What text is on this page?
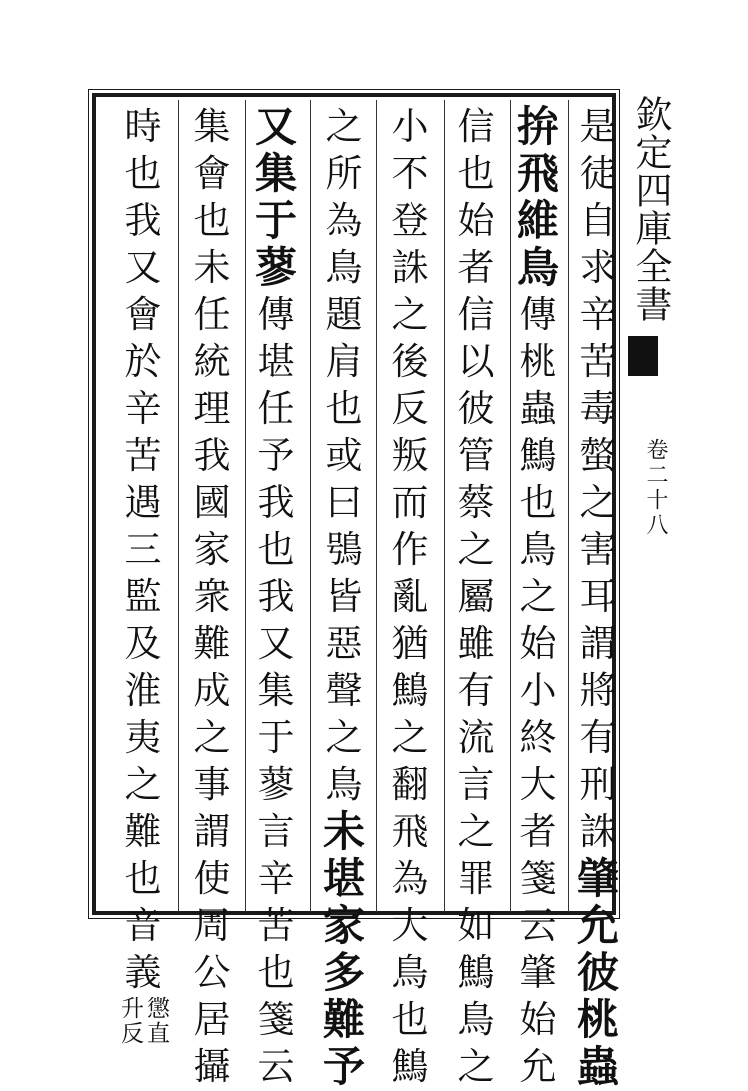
是
徒
自
求
辛
苦
毒
螫
之
害
耳
謂
將
有
刑
誅
肇
允
彼
桃
蟲
拚
飛
維
鳥
傳
桃
蟲
鷦
也
鳥
之
始
小
終
大
者
箋
云
肇
始
允
信
也
始
者
信
以
彼
管
蔡
之
屬
雖
有
流
言
之
罪
如
鷦
鳥
之
小
不
登
誅
之
後
反
叛
而
作
亂
猶
鷦
之
翻
飛
為
大
鳥
也
鷦
之
所
為
鳥
題
肩
也
或
曰
鴞
皆
惡
聲
之
鳥
未
堪
家
多
難
予
又
集
于
蓼
傳
堪
任
予
我
也
我
又
集
于
蓼
言
辛
苦
也
箋
云
集
會
也
未
任
統
理
我
國
家
衆
難
成
之
事
謂
使
周
公
居
攝
時
也
我
又
會
於
辛
苦
遇
三
監
及
淮
夷
之
難
也
音
義
懲直
升反
欽定四庫全書
卷二十八
